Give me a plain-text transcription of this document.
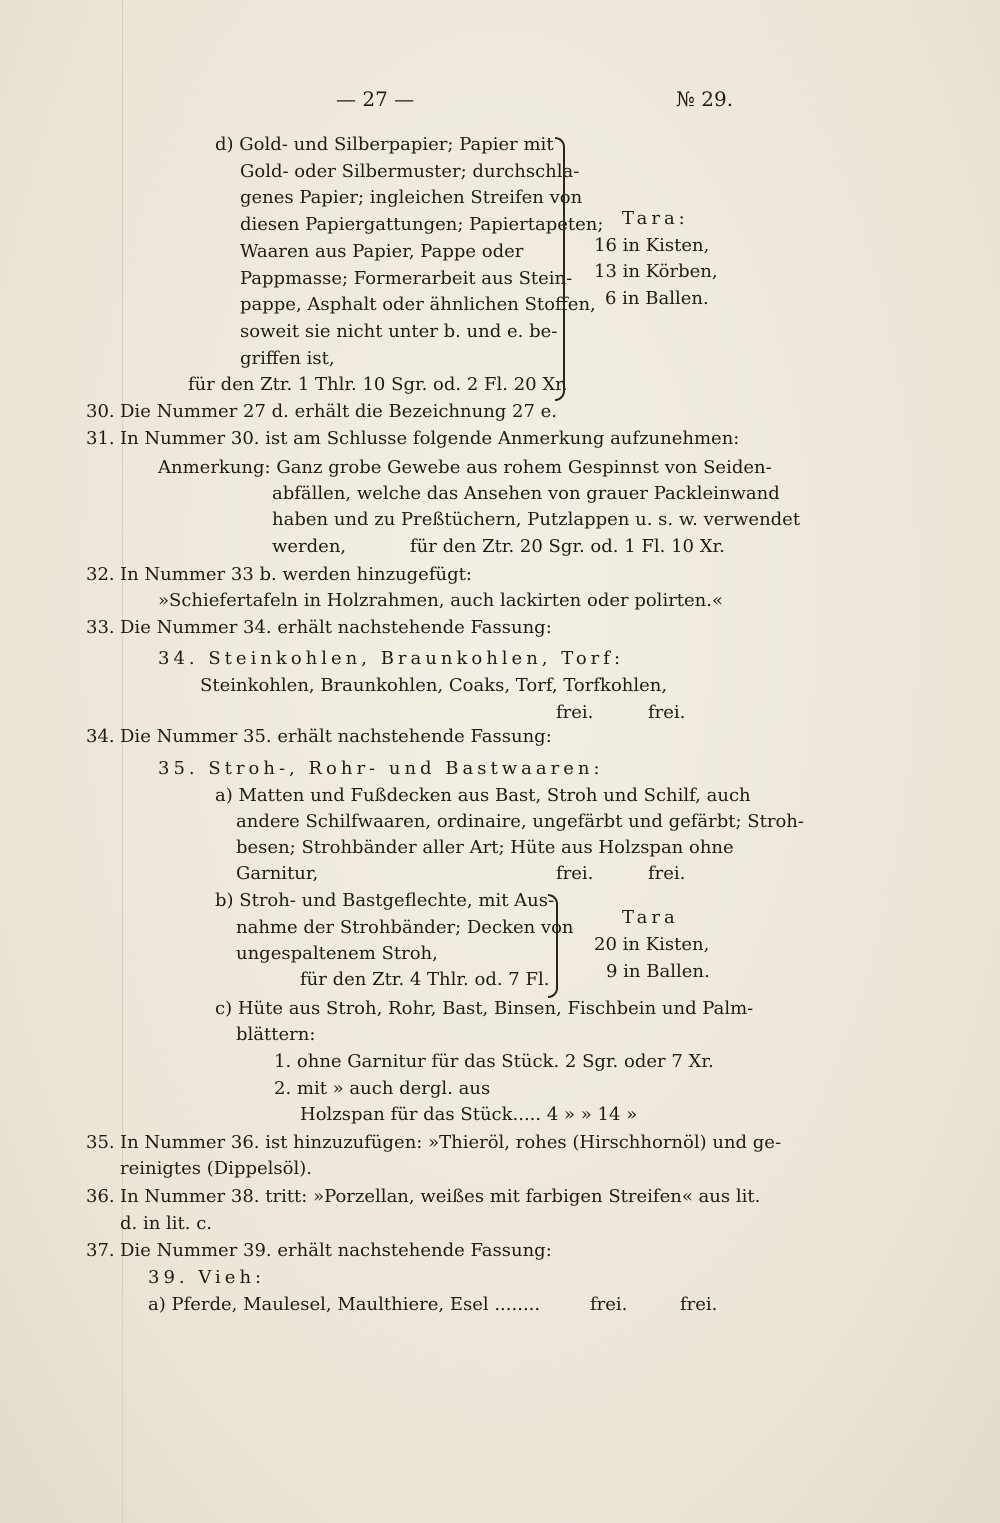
— 27 —	№ 29.
d) Gold- und Silberpapier; Papier mit
Gold- oder Silbermuster; durchschla-
genes Papier; ingleichen Streifen von
diesen Papiergattungen; Papiertapeten;
Waaren aus Papier, Pappe oder
Pappmasse; Formerarbeit aus Stein-
pappe, Asphalt oder ähnlichen Stoffen,
soweit sie nicht unter b. und e. be-
griffen ist,
für den Ztr. 1 Thlr. 10 Sgr. od. 2 Fl. 20 Xr.
Tara:
16 in Kisten,
13 in Körben,
6 in Ballen.
30. Die Nummer 27 d. erhält die Bezeichnung 27 e.
31. In Nummer 30. ist am Schlusse folgende Anmerkung aufzunehmen:
Anmerkung: Ganz grobe Gewebe aus rohem Gespinnst von Seiden-
abfällen, welche das Ansehen von grauer Packleinwand
haben und zu Preßtüchern, Putzlappen u. s. w. verwendet
werden,	für den Ztr. 20 Sgr. od. 1 Fl. 10 Xr.
32. In Nummer 33 b. werden hinzugefügt:
»Schiefertafeln in Holzrahmen, auch lackirten oder polirten.«
33. Die Nummer 34. erhält nachstehende Fassung:
34. Steinkohlen, Braunkohlen, Torf:
Steinkohlen, Braunkohlen, Coaks, Torf, Torfkohlen,
frei.	frei.
34. Die Nummer 35. erhält nachstehende Fassung:
35. Stroh-, Rohr- und Bastwaaren:
a) Matten und Fußdecken aus Bast, Stroh und Schilf, auch
andere Schilfwaaren, ordinaire, ungefärbt und gefärbt; Stroh-
besen; Strohbänder aller Art; Hüte aus Holzspan ohne
Garnitur,	frei.	frei.
b) Stroh- und Bastgeflechte, mit Aus-
nahme der Strohbänder; Decken von
ungespaltenem Stroh,
für den Ztr. 4 Thlr. od. 7 Fl.
Tara
20 in Kisten,
9 in Ballen.
c) Hüte aus Stroh, Rohr, Bast, Binsen, Fischbein und Palm-
blättern:
1. ohne Garnitur für das Stück. 2 Sgr. oder 7 Xr.
2. mit » auch dergl. aus
Holzspan für das Stück..... 4 » » 14 »
35. In Nummer 36. ist hinzuzufügen: »Thieröl, rohes (Hirschhornöl) und ge-
reinigtes (Dippelsöl).
36. In Nummer 38. tritt: »Porzellan, weißes mit farbigen Streifen« aus lit.
d. in lit. c.
37. Die Nummer 39. erhält nachstehende Fassung:
39. Vieh:
a) Pferde, Maulesel, Maulthiere, Esel ........	frei.	frei.
